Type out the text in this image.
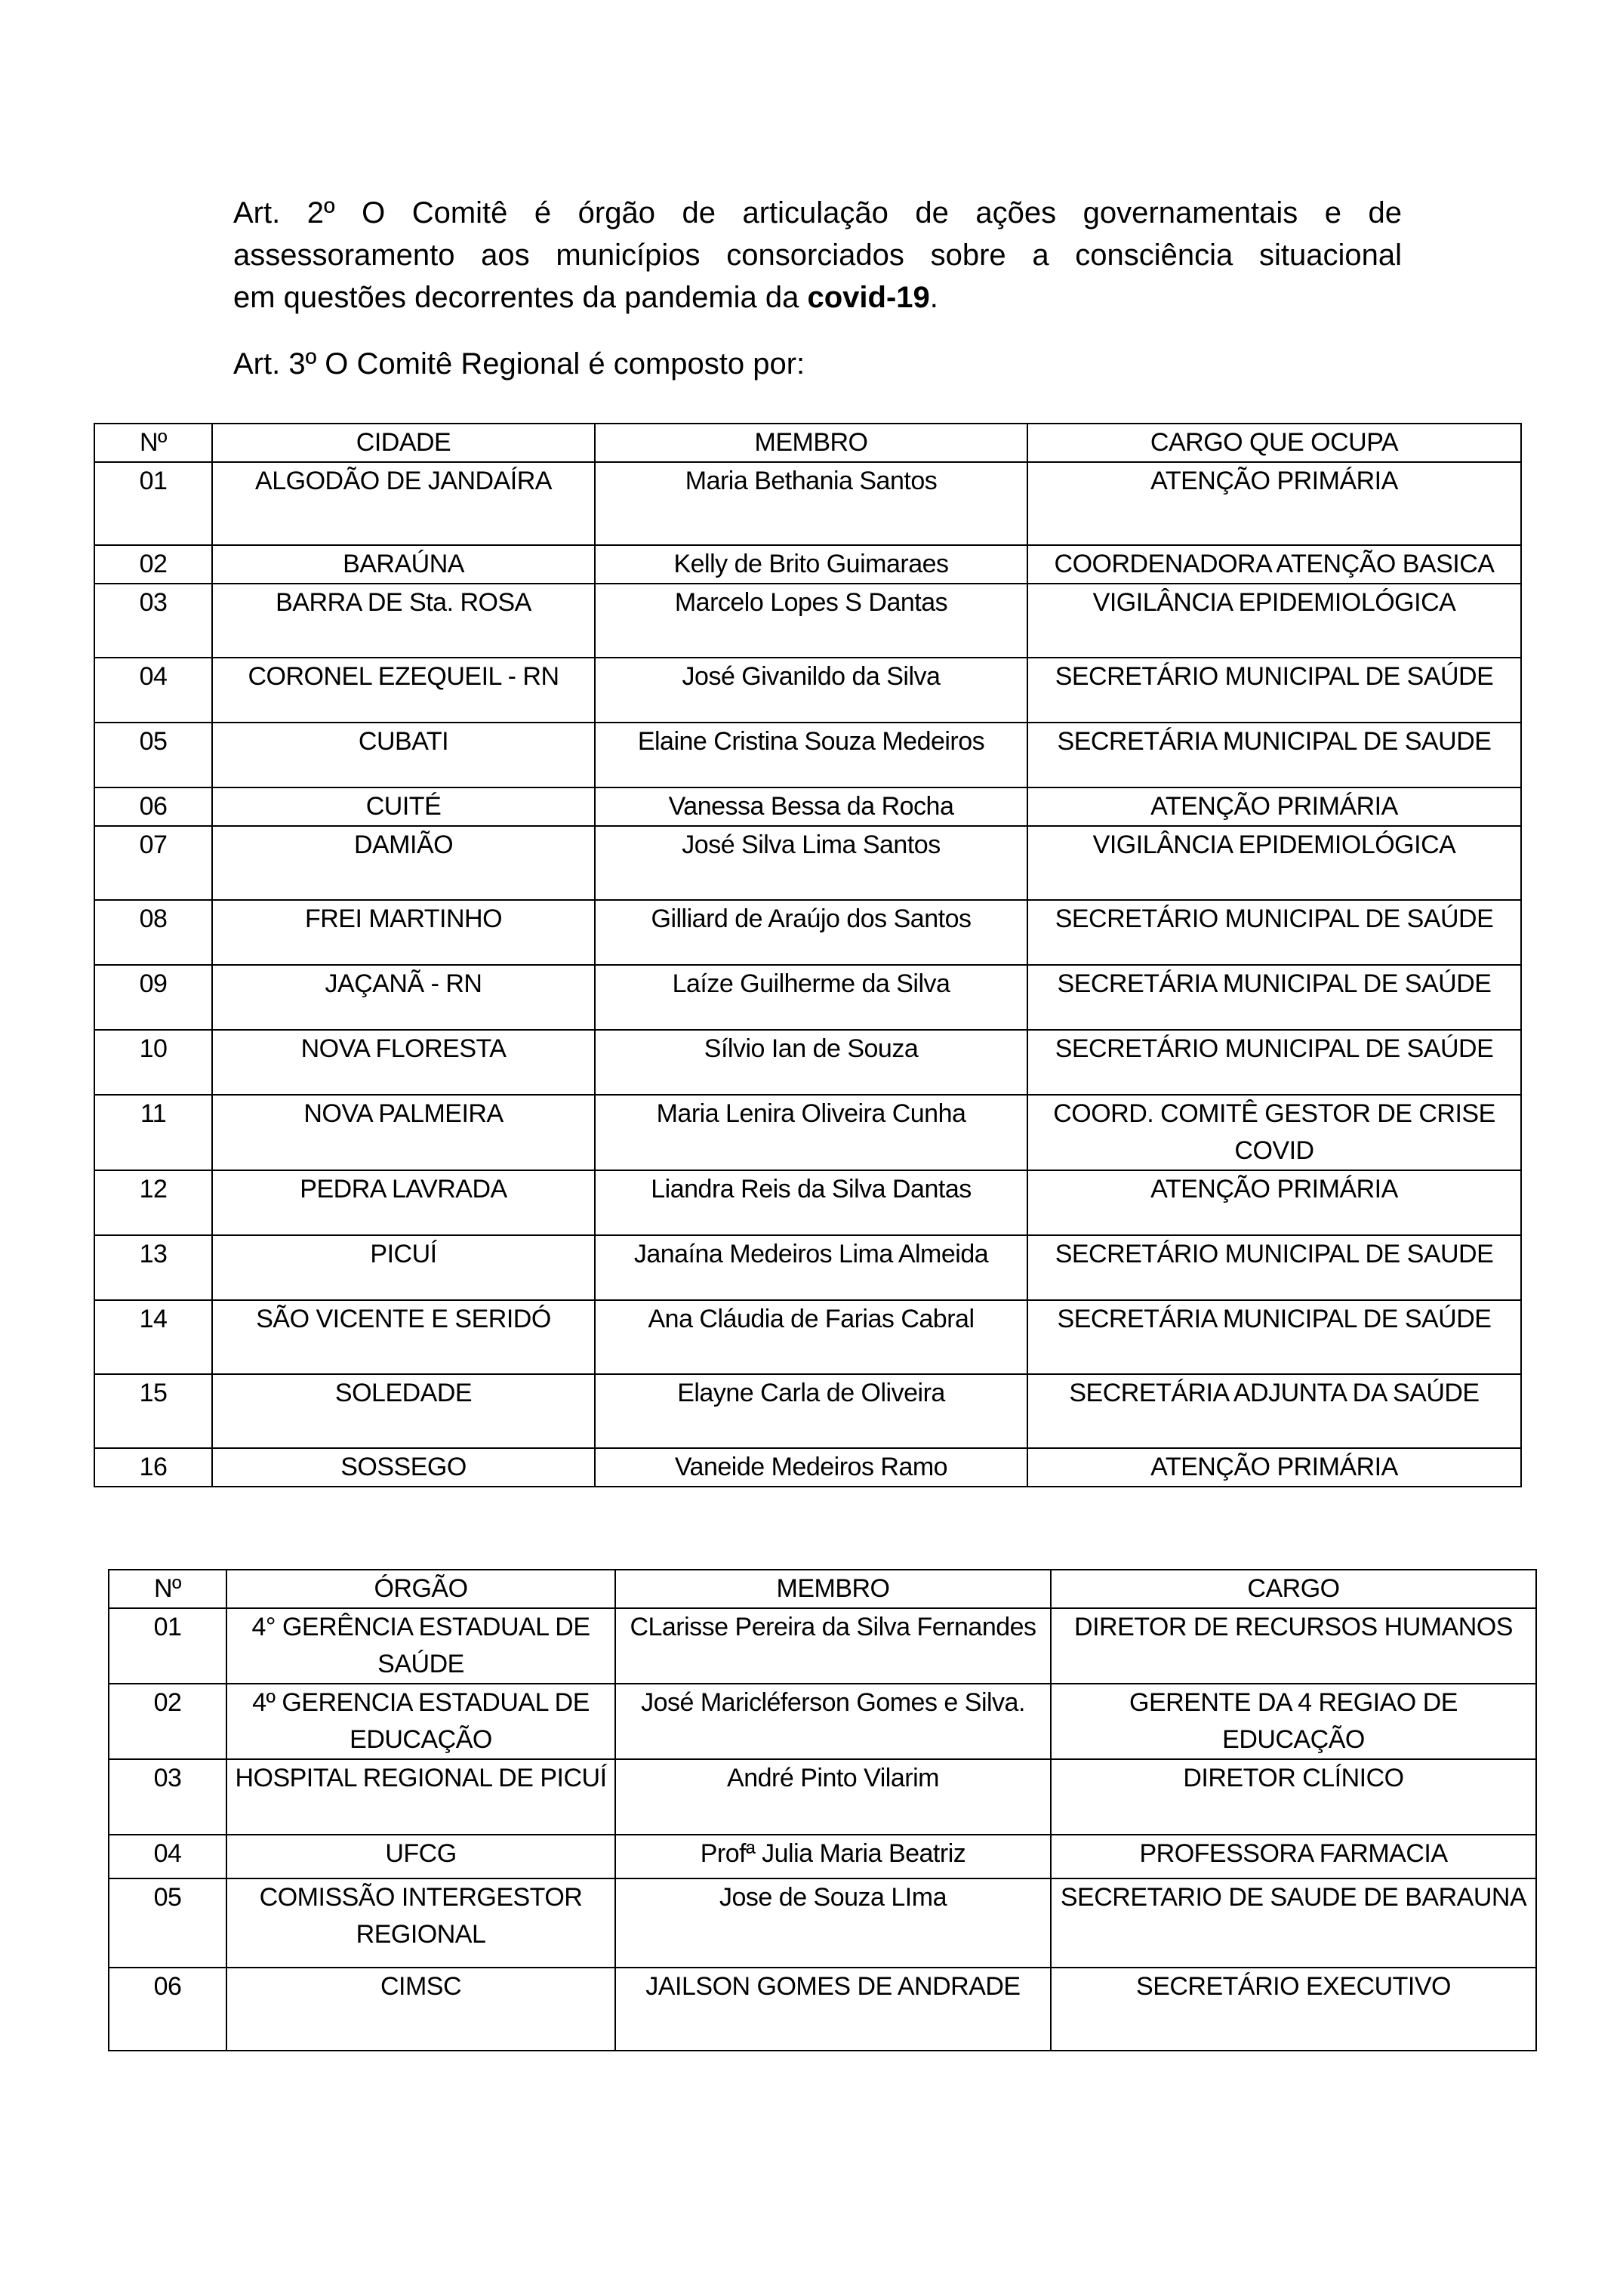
Art. 2º O Comitê é órgão de articulação de ações governamentais e de
assessoramento aos municípios consorciados sobre a consciência situacional
em questões decorrentes da pandemia da covid-19.
Art. 3º O Comitê Regional é composto por:
Nº	CIDADE	MEMBRO	CARGO QUE OCUPA
01	ALGODÃO DE JANDAÍRA	Maria Bethania Santos	ATENÇÃO PRIMÁRIA
02	BARAÚNA	Kelly de Brito Guimaraes	COORDENADORA ATENÇÃO BASICA
03	BARRA DE Sta. ROSA	Marcelo Lopes S Dantas	VIGILÂNCIA EPIDEMIOLÓGICA
04	CORONEL EZEQUEIL - RN	José Givanildo da Silva	SECRETÁRIO MUNICIPAL DE SAÚDE
05	CUBATI	Elaine Cristina Souza Medeiros	SECRETÁRIA MUNICIPAL DE SAUDE
06	CUITÉ	Vanessa Bessa da Rocha	ATENÇÃO PRIMÁRIA
07	DAMIÃO	José Silva Lima Santos	VIGILÂNCIA EPIDEMIOLÓGICA
08	FREI MARTINHO	Gilliard de Araújo dos Santos	SECRETÁRIO MUNICIPAL DE SAÚDE
09	JAÇANÃ - RN	Laíze Guilherme da Silva	SECRETÁRIA MUNICIPAL DE SAÚDE
10	NOVA FLORESTA	Sílvio Ian de Souza	SECRETÁRIO MUNICIPAL DE SAÚDE
11	NOVA PALMEIRA	Maria Lenira Oliveira Cunha	COORD. COMITÊ GESTOR DE CRISE COVID
12	PEDRA LAVRADA	Liandra Reis da Silva Dantas	ATENÇÃO PRIMÁRIA
13	PICUÍ	Janaína Medeiros Lima Almeida	SECRETÁRIO MUNICIPAL DE SAUDE
14	SÃO VICENTE E SERIDÓ	Ana Cláudia de Farias Cabral	SECRETÁRIA MUNICIPAL DE SAÚDE
15	SOLEDADE	Elayne Carla de Oliveira	SECRETÁRIA ADJUNTA DA SAÚDE
16	SOSSEGO	Vaneide Medeiros Ramo	ATENÇÃO PRIMÁRIA
Nº	ÓRGÃO	MEMBRO	CARGO
01	4° GERÊNCIA ESTADUAL DE SAÚDE	CLarisse Pereira da Silva Fernandes	DIRETOR DE RECURSOS HUMANOS
02	4º GERENCIA ESTADUAL DE EDUCAÇÃO	José Maricléferson Gomes e Silva.	GERENTE DA 4 REGIAO DE EDUCAÇÃO
03	HOSPITAL REGIONAL DE PICUÍ	André Pinto Vilarim	DIRETOR CLÍNICO
04	UFCG	Profª Julia Maria Beatriz	PROFESSORA FARMACIA
05	COMISSÃO INTERGESTOR REGIONAL	Jose de Souza LIma	SECRETARIO DE SAUDE DE BARAUNA
06	CIMSC	JAILSON GOMES DE ANDRADE	SECRETÁRIO EXECUTIVO
